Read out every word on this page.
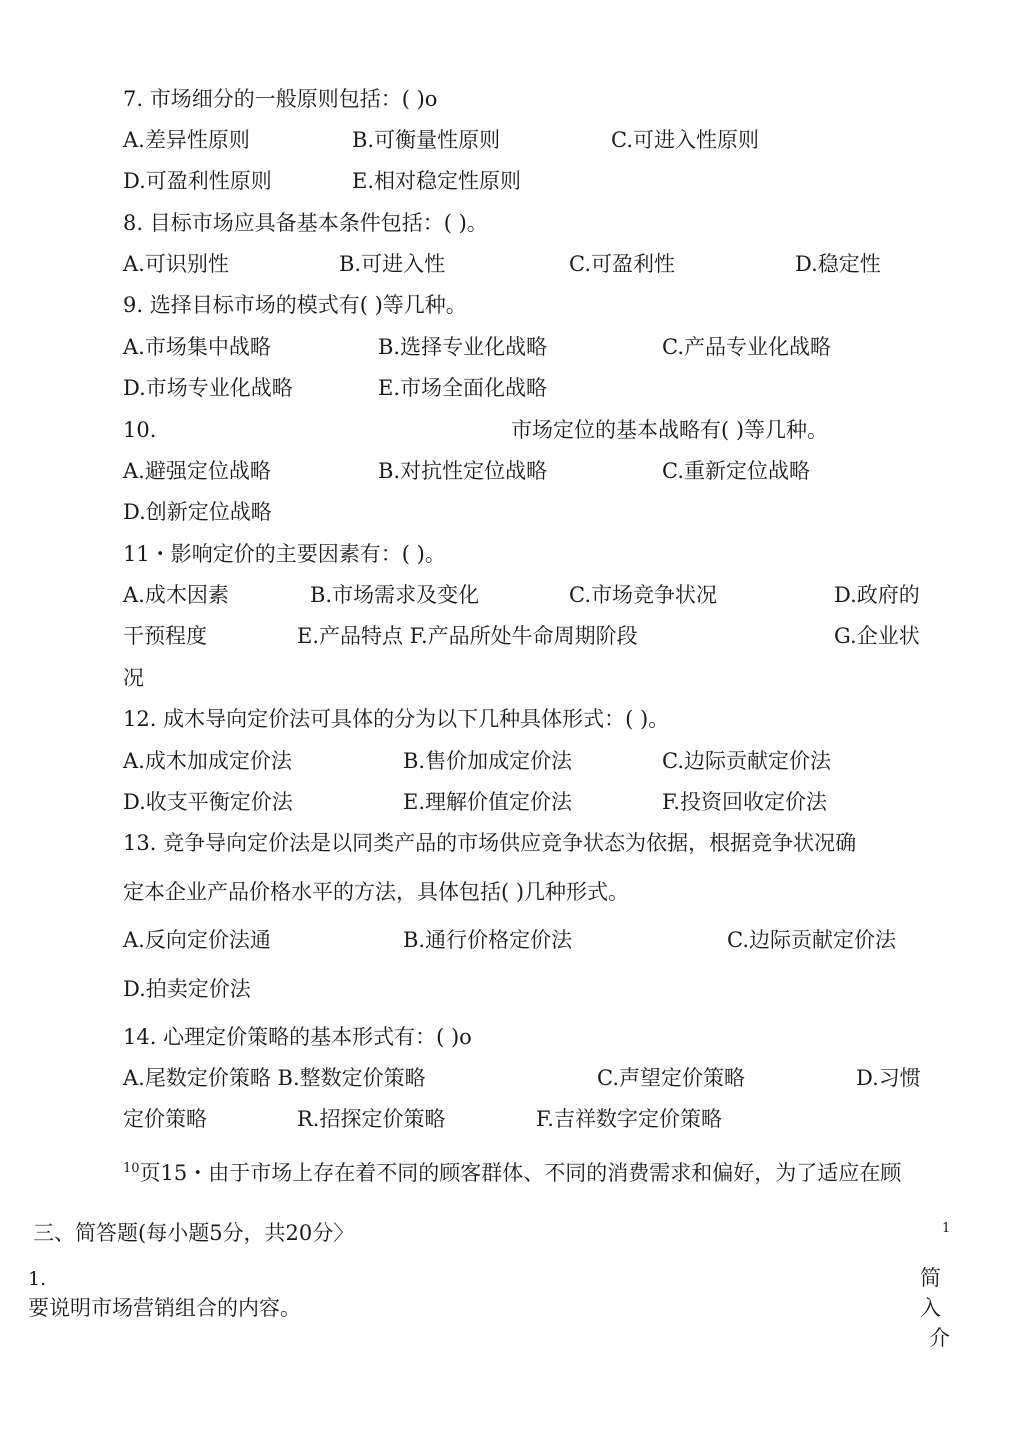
7. 市场细分的一般原则包括：( )o
A.差异性原则	B.可衡量性原则	C.可进入性原则
D.可盈利性原则	E.相对稳定性原则
8. 目标市场应具备基本条件包括：( )。
A.可识别性	B.可进入性	C.可盈利性	D.稳定性
9. 选择目标市场的模式有( )等几种。
A.市场集中战略	B.选择专业化战略	C.产品专业化战略
D.市场专业化战略	E.市场全面化战略
10.	市场定位的基本战略有( )等几种。
A.避强定位战略	B.对抗性定位战略	C.重新定位战略
D.创新定位战略
11・影响定价的主要因素有：( )。
A.成木因素	B.市场需求及变化	C.市场竞争状况	D.政府的
干预程度	E.产品特点 F.产品所处牛命周期阶段	G.企业状
况
12. 成木导向定价法可具体的分为以下几种具体形式：( )。
A.成木加成定价法	B.售价加成定价法	C.边际贡献定价法
D.收支平衡定价法	E.理解价值定价法	F.投资回收定价法
13. 竞争导向定价法是以同类产品的市场供应竞争状态为依据，根据竞争状况确
定本企业产品价格水平的方法，具体包括( )几种形式。
A.反向定价法通	B.通行价格定价法	C.边际贡献定价法
D.拍卖定价法
14. 心理定价策略的基本形式有：( )o
A.尾数定价策略 B.整数定价策略	C.声望定价策略	D.习惯
定价策略	R.招探定价策略	F.吉祥数字定价策略
$^{10}$页15・由于市场上存在着不同的顾客群体、不同的消费需求和偏好，为了适应在顾
三、简答题(每小题5分，共20分〉	1
1.
要说明市场营销组合的内容。
简
入
介
